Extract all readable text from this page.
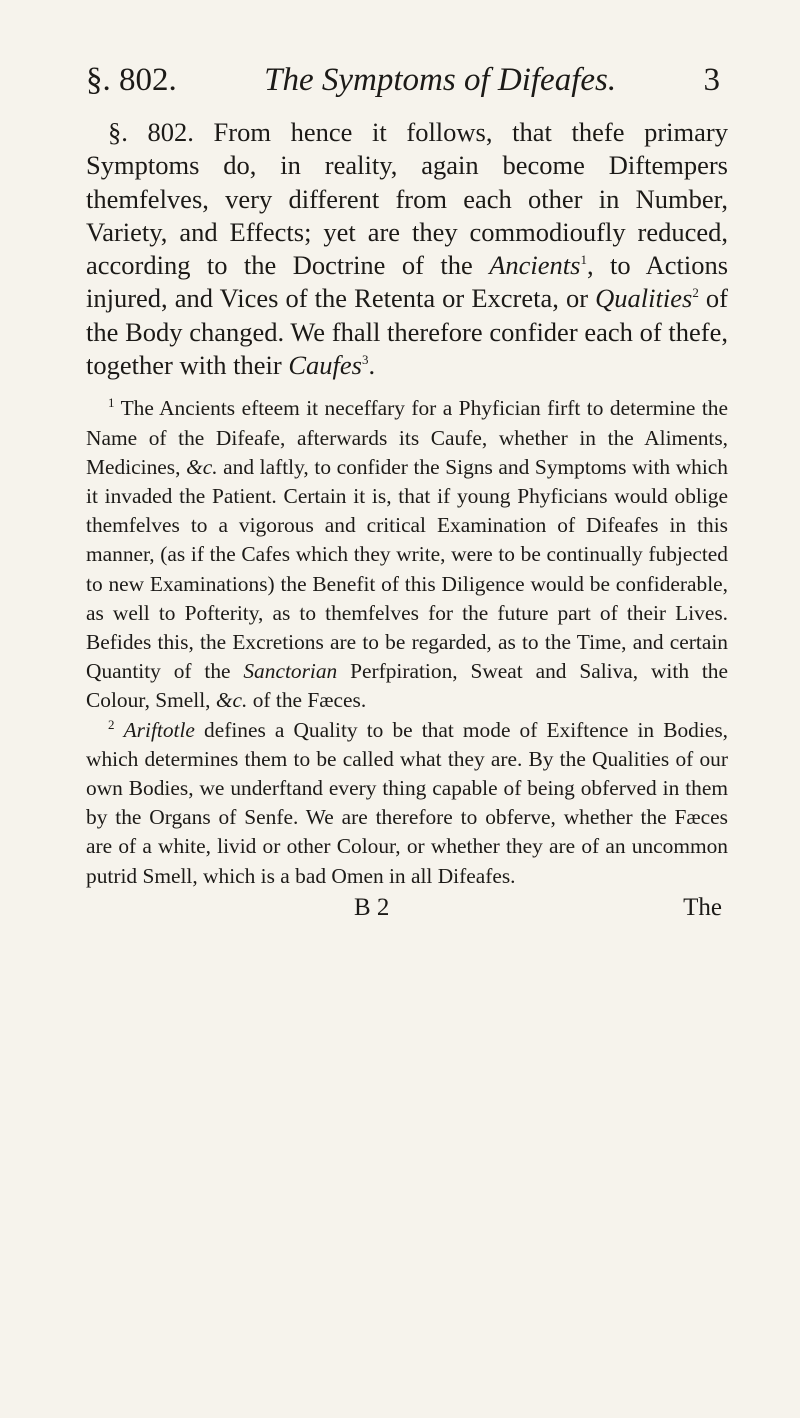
§. 802.	The Symptoms of Difeafes.	3

§. 802. From hence it follows, that thefe primary Symptoms do, in reality, again become Diftempers themfelves, very different from each other in Number, Variety, and Effects; yet are they commodioufly reduced, according to the Doctrine of the Ancients$^1$, to Actions injured, and Vices of the Retenta or Excreta, or Qualities$^2$ of the Body changed. We fhall therefore confider each of thefe, together with their Caufes$^3$.

$^1$ The Ancients efteem it neceffary for a Phyfician firft to determine the Name of the Difeafe, afterwards its Caufe, whether in the Aliments, Medicines, &c. and laftly, to confider the Signs and Symptoms with which it invaded the Patient. Certain it is, that if young Phyficians would oblige themfelves to a vigorous and critical Examination of Difeafes in this manner, (as if the Cafes which they write, were to be continually fubjected to new Examinations) the Benefit of this Diligence would be confiderable, as well to Pofterity, as to themfelves for the future part of their Lives. Befides this, the Excretions are to be regarded, as to the Time, and certain Quantity of the Sanctorian Perfpiration, Sweat and Saliva, with the Colour, Smell, &c. of the Fæces.

$^2$ Ariftotle defines a Quality to be that mode of Exiftence in Bodies, which determines them to be called what they are. By the Qualities of our own Bodies, we underftand every thing capable of being obferved in them by the Organs of Senfe. We are therefore to obferve, whether the Fæces are of a white, livid or other Colour, or whether they are of an uncommon putrid Smell, which is a bad Omen in all Difeafes.

B 2	The
